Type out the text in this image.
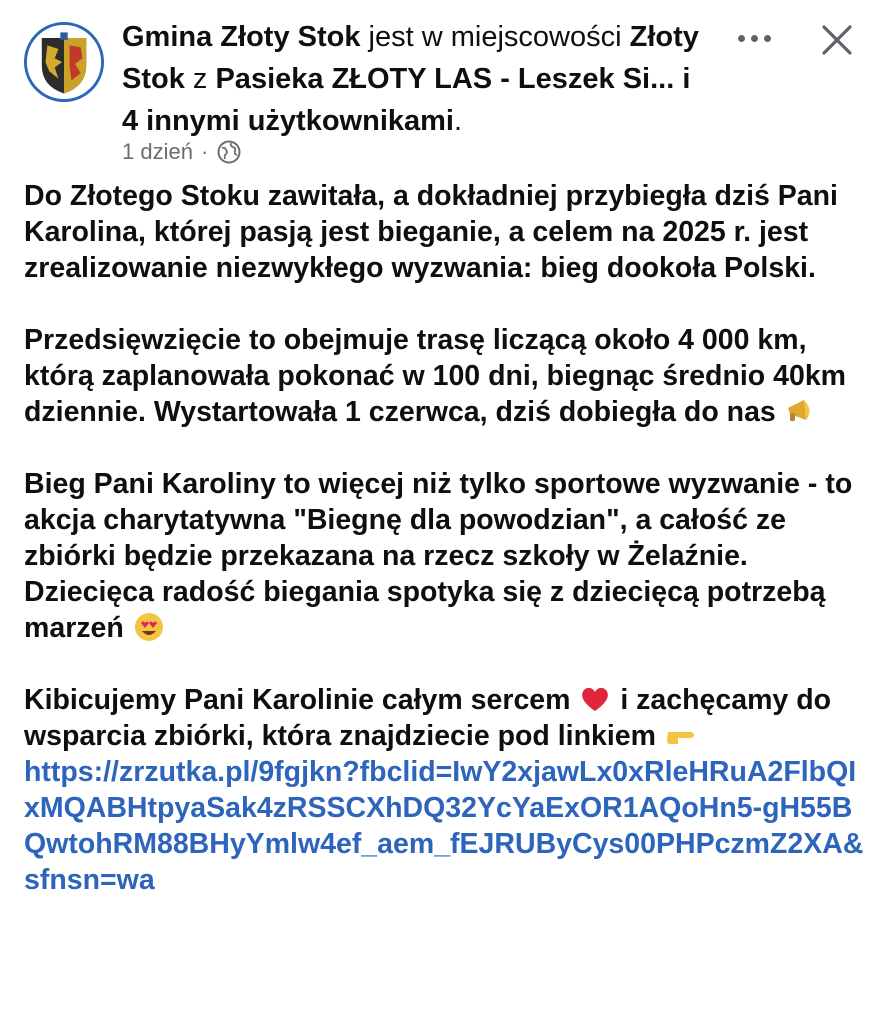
Gmina Złoty Stok jest w miejscowości Złoty Stok z Pasieka ZŁOTY LAS - Leszek Si... i 4 innymi użytkownikami.
1 dzień ·

Do Złotego Stoku zawitała, a dokładniej przybiegła dziś Pani Karolina, której pasją jest bieganie, a celem na 2025 r. jest zrealizowanie niezwykłego wyzwania: bieg dookoła Polski.

Przedsięwzięcie to obejmuje trasę liczącą około 4 000 km, którą zaplanowała pokonać w 100 dni, biegnąc średnio 40km dziennie. Wystartowała 1 czerwca, dziś dobiegła do nas

Bieg Pani Karoliny to więcej niż tylko sportowe wyzwanie - to akcja charytatywna "Biegnę dla powodzian", a całość ze zbiórki będzie przekazana na rzecz szkoły w Żelaźnie. Dziecięca radość biegania spotyka się z dziecięcą potrzebą marzeń

Kibicujemy Pani Karolinie całym sercem i zachęcamy do wsparcia zbiórki, która znajdziecie pod linkiem
https://zrzutka.pl/9fgjkn?fbclid=IwY2xjawLx0xRleHRuA2FlbQIxMQABHtpyaSak4zRSSCXhDQ32YcYaExOR1AQoHn5-gH55BQwtohRM88BHyYmlw4ef_aem_fEJRUByCys00PHPczmZ2XA&sfnsn=wa
